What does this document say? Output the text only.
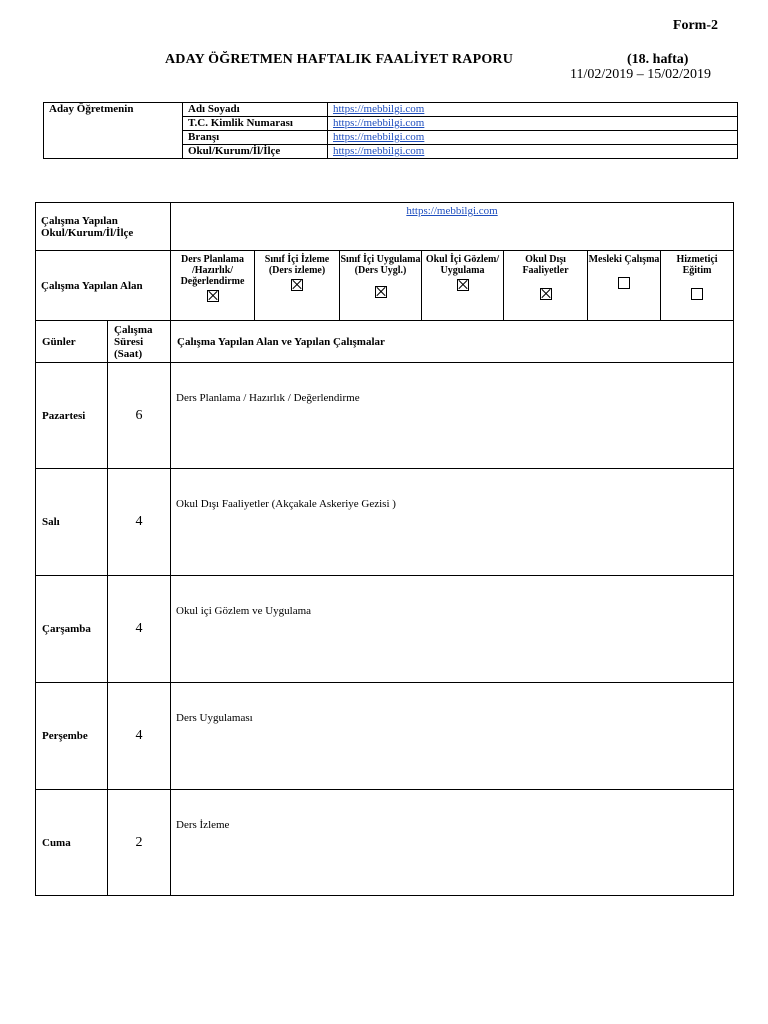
Form-2
ADAY ÖĞRETMEN HAFTALIK FAALİYET RAPORU	(18. hafta)
11/02/2019 – 15/02/2019
Aday Öğretmenin	Adı Soyadı	https://mebbilgi.com
	T.C. Kimlik Numarası	https://mebbilgi.com
	Branşı	https://mebbilgi.com
	Okul/Kurum/İl/İlçe	https://mebbilgi.com
Çalışma Yapılan Okul/Kurum/İl/İlçe		https://mebbilgi.com						
Çalışma Yapılan Alan		Ders Planlama /Hazırlık/ Değerlendirme	Sınıf İçi İzleme (Ders izleme)	Sınıf İçi Uygulama (Ders Uygl.)	Okul İçi Gözlem/ Uygulama	Okul Dışı Faaliyetler	Mesleki Çalışma	Hizmetiçi Eğitim

Günler	Çalışma Süresi (Saat)	Çalışma Yapılan Alan ve Yapılan Çalışmalar						
Pazartesi	6	Ders Planlama / Hazırlık / Değerlendirme						
Salı	4	Okul Dışı Faaliyetler (Akçakale Askeriye Gezisi )						
Çarşamba	4	Okul içi Gözlem ve Uygulama						
Perşembe	4	Ders Uygulaması						
Cuma	2	Ders İzleme						
